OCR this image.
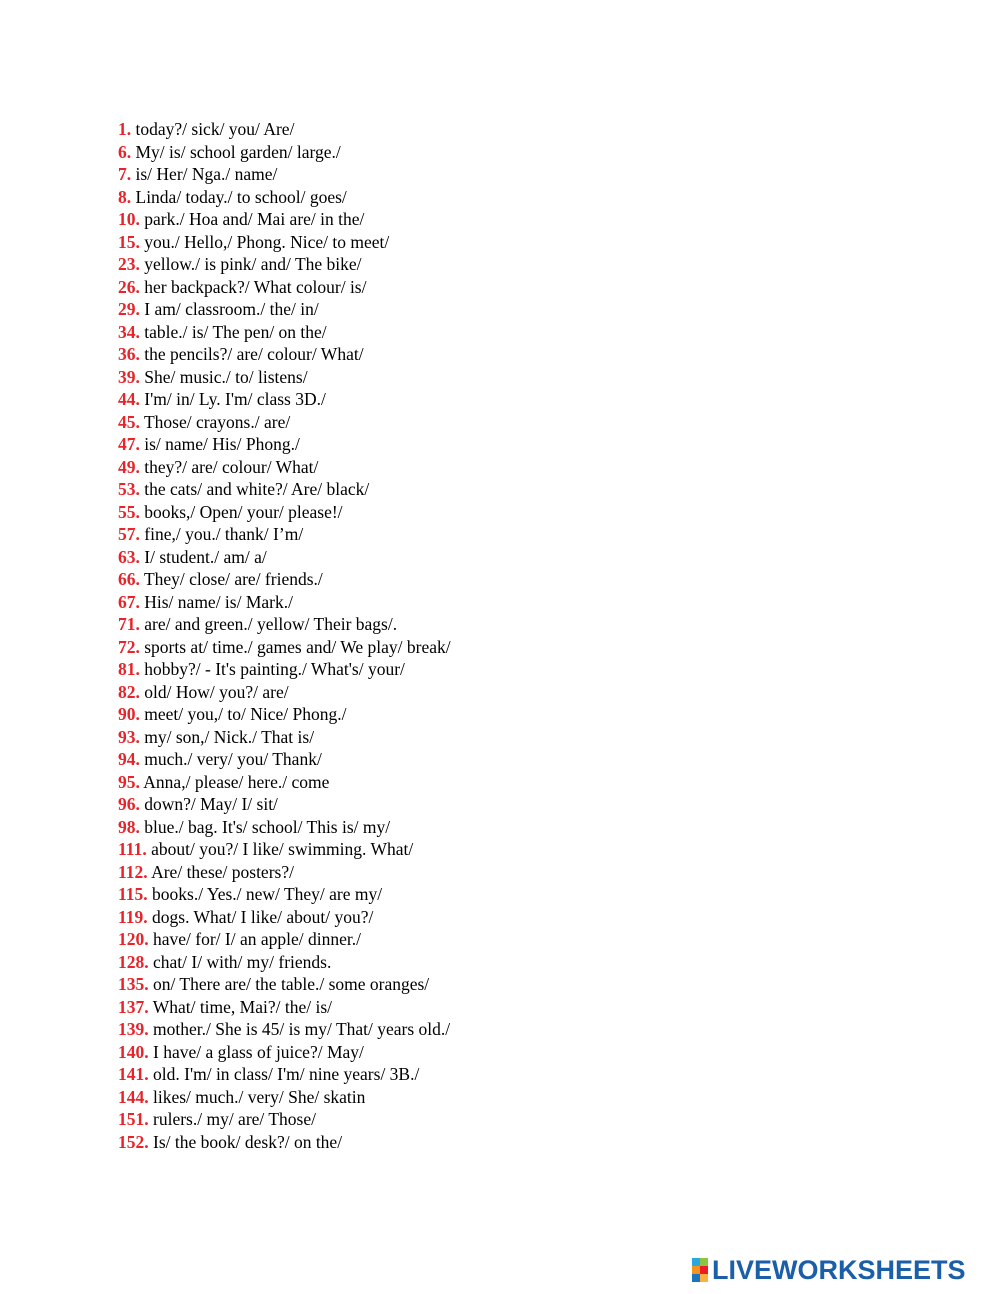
1. today?/ sick/ you/ Are/
6. My/ is/ school garden/ large./
7. is/ Her/ Nga./ name/
8. Linda/ today./ to school/ goes/
10. park./ Hoa and/ Mai are/ in the/
15. you./ Hello,/ Phong. Nice/ to meet/
23. yellow./ is pink/ and/ The bike/
26. her backpack?/ What colour/ is/
29. I am/ classroom./ the/ in/
34. table./ is/ The pen/ on the/
36. the pencils?/ are/ colour/ What/
39. She/ music./ to/ listens/
44. I'm/ in/ Ly. I'm/ class 3D./
45. Those/ crayons./ are/
47. is/ name/ His/ Phong./
49. they?/ are/ colour/ What/
53. the cats/ and white?/ Are/ black/
55. books,/ Open/ your/ please!/
57. fine,/ you./ thank/ I’m/
63. I/ student./ am/ a/
66. They/ close/ are/ friends./
67. His/ name/ is/ Mark./
71. are/ and green./ yellow/ Their bags/.
72. sports at/ time./ games and/ We play/ break/
81. hobby?/ - It's painting./ What's/ your/
82. old/ How/ you?/ are/
90. meet/ you,/ to/ Nice/ Phong./
93. my/ son,/ Nick./ That is/
94. much./ very/ you/ Thank/
95. Anna,/ please/ here./ come
96. down?/ May/ I/ sit/
98. blue./ bag. It's/ school/ This is/ my/
111. about/ you?/ I like/ swimming. What/
112. Are/ these/ posters?/
115. books./ Yes./ new/ They/ are my/
119. dogs. What/ I like/ about/ you?/
120. have/ for/ I/ an apple/ dinner./
128. chat/ I/ with/ my/ friends.
135. on/ There are/ the table./ some oranges/
137. What/ time, Mai?/ the/ is/
139. mother./ She is 45/ is my/ That/ years old./
140. I have/ a glass of juice?/ May/
141. old. I'm/ in class/ I'm/ nine years/ 3B./
144. likes/ much./ very/ She/ skatin
151. rulers./ my/ are/ Those/
152. Is/ the book/ desk?/ on the/
LIVEWORKSHEETS
